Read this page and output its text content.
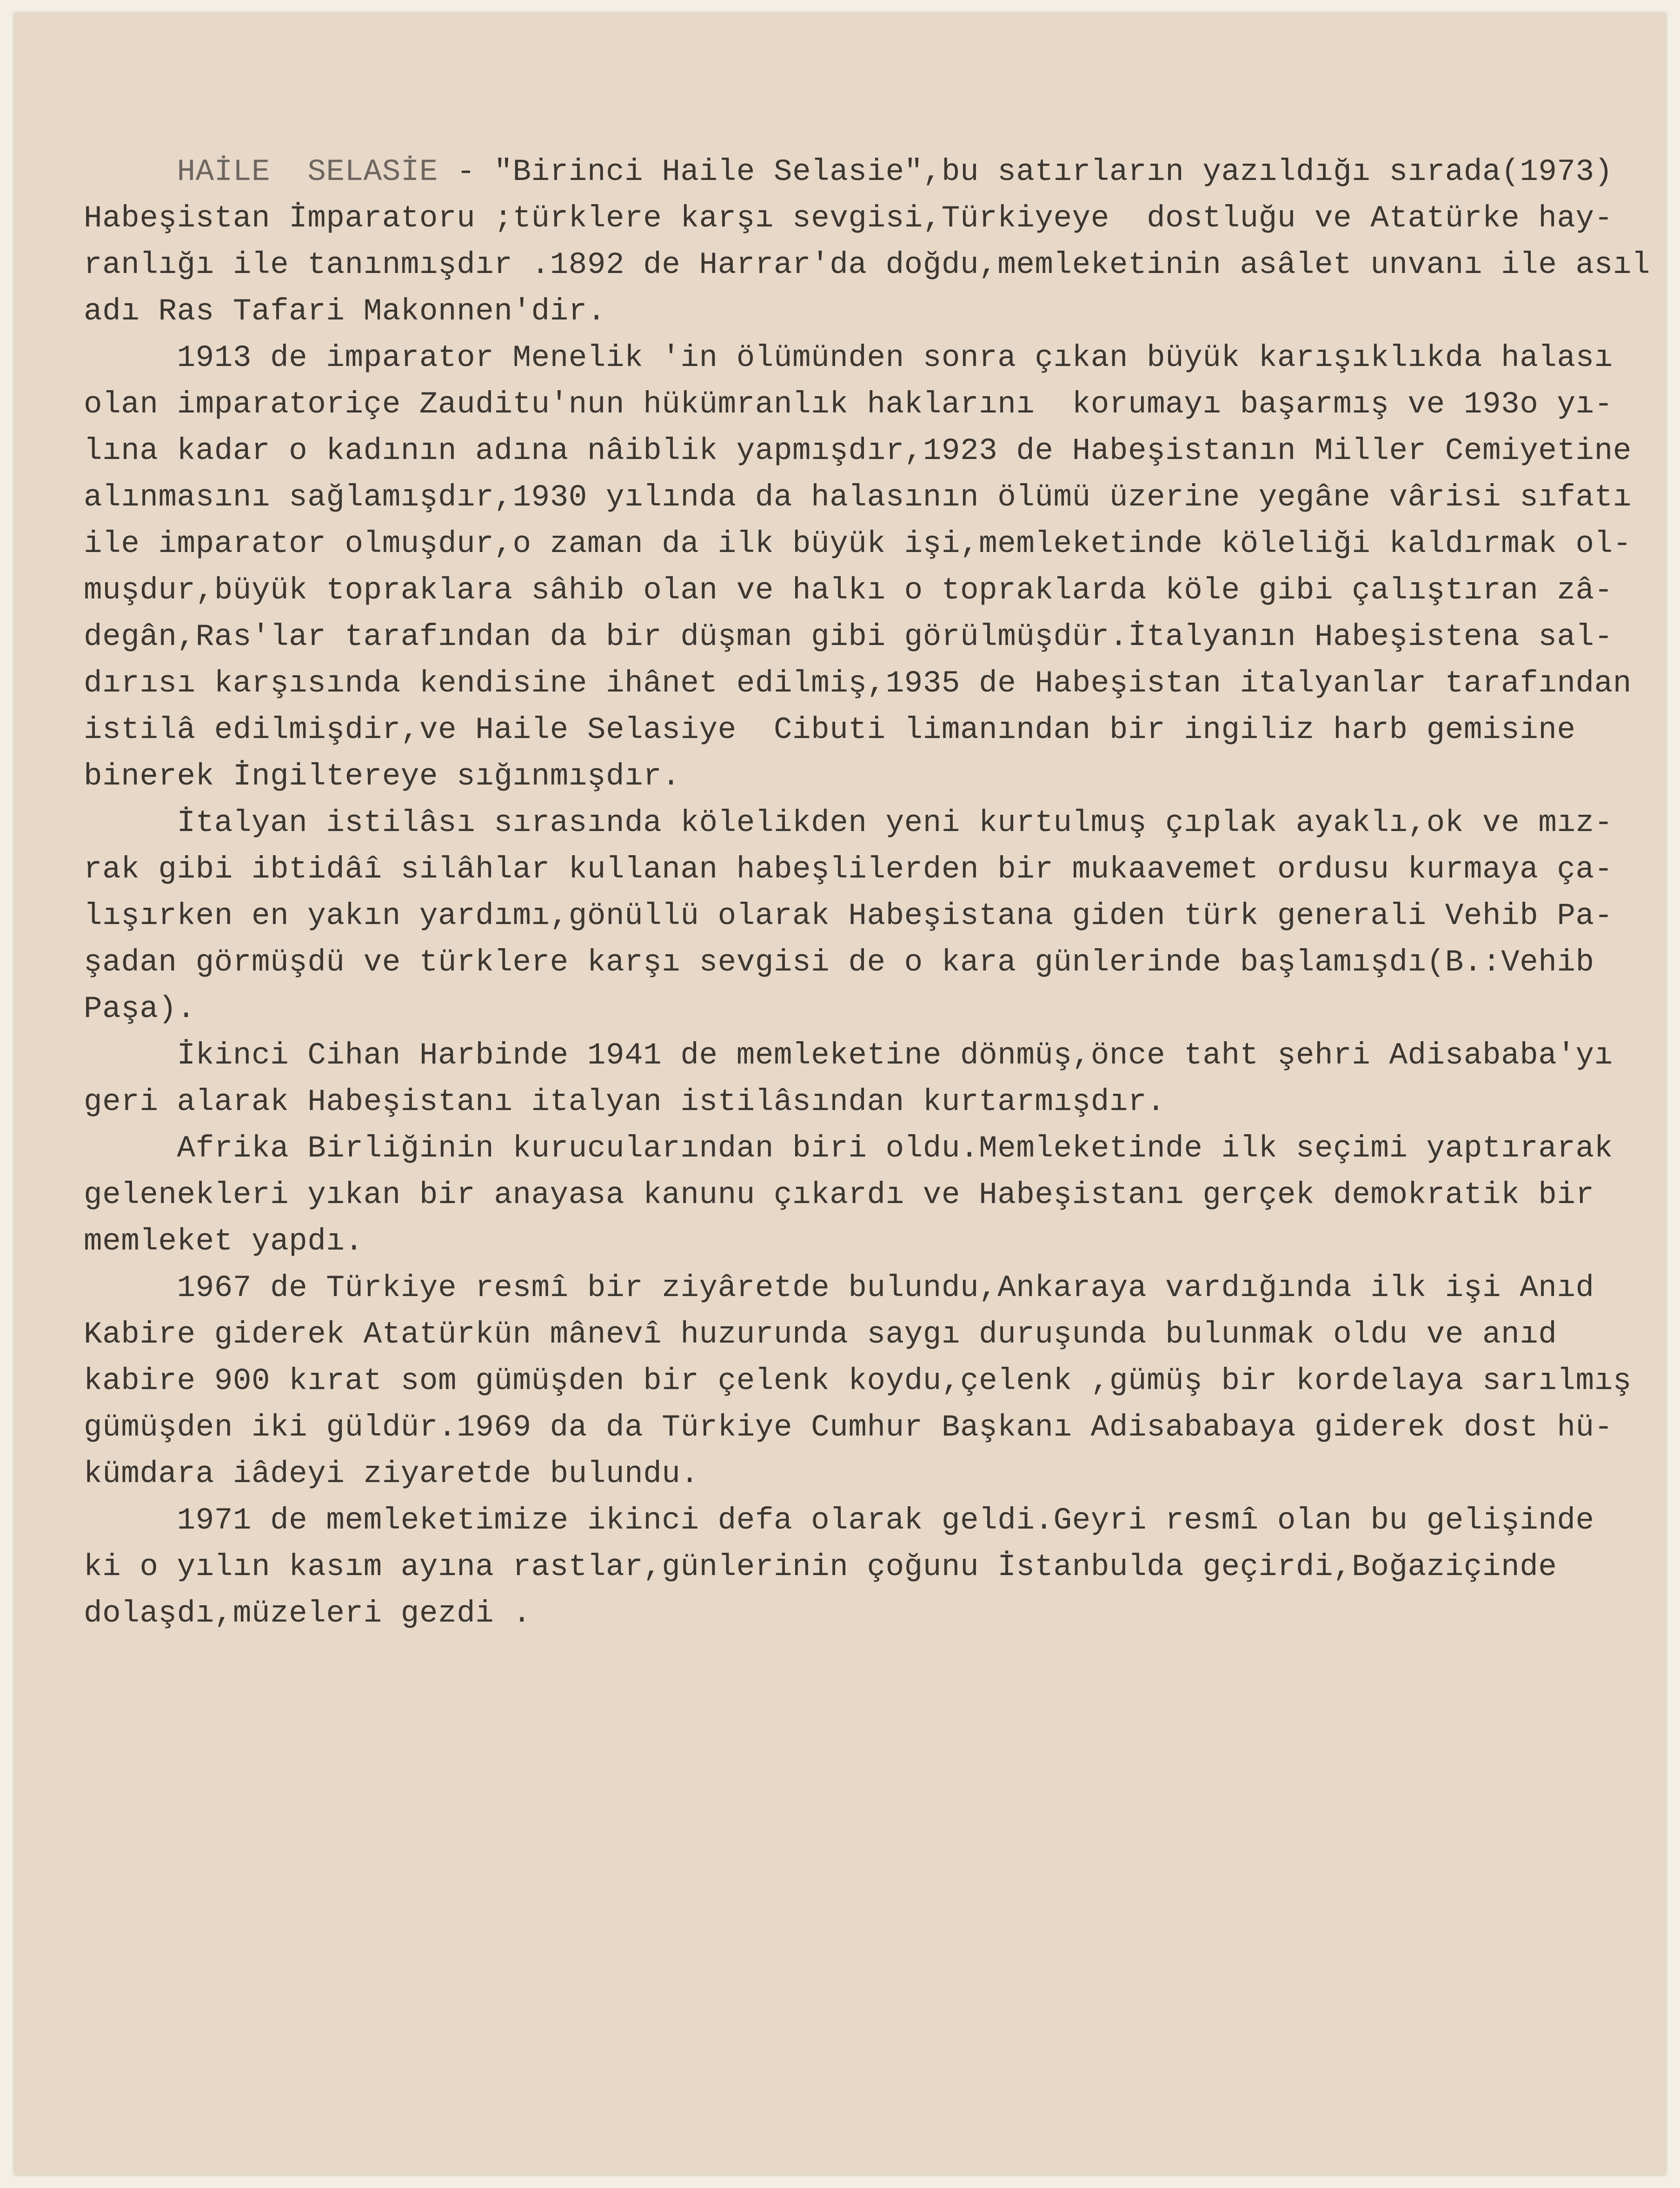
HAİLE  SELASİE - "Birinci Haile Selasie",bu satırların yazıldığı sırada(1973)
Habeşistan İmparatoru ;türklere karşı sevgisi,Türkiyeye  dostluğu ve Atatürke hay-
ranlığı ile tanınmışdır .1892 de Harrar'da doğdu,memleketinin asâlet unvanı ile asıl
adı Ras Tafari Makonnen'dir.
1913 de imparator Menelik 'in ölümünden sonra çıkan büyük karışıklıkda halası
olan imparatoriçe Zauditu'nun hükümranlık haklarını  korumayı başarmış ve 193o yı-
lına kadar o kadının adına nâiblik yapmışdır,1923 de Habeşistanın Miller Cemiyetine
alınmasını sağlamışdır,1930 yılında da halasının ölümü üzerine yegâne vârisi sıfatı
ile imparator olmuşdur,o zaman da ilk büyük işi,memleketinde köleliği kaldırmak ol-
muşdur,büyük topraklara sâhib olan ve halkı o topraklarda köle gibi çalıştıran zâ-
degân,Ras'lar tarafından da bir düşman gibi görülmüşdür.İtalyanın Habeşistena sal-
dırısı karşısında kendisine ihânet edilmiş,1935 de Habeşistan italyanlar tarafından
istilâ edilmişdir,ve Haile Selasiye  Cibuti limanından bir ingiliz harb gemisine
binerek İngiltereye sığınmışdır.
İtalyan istilâsı sırasında kölelikden yeni kurtulmuş çıplak ayaklı,ok ve mız-
rak gibi ibtidâî silâhlar kullanan habeşlilerden bir mukaavemet ordusu kurmaya ça-
lışırken en yakın yardımı,gönüllü olarak Habeşistana giden türk generali Vehib Pa-
şadan görmüşdü ve türklere karşı sevgisi de o kara günlerinde başlamışdı(B.:Vehib
Paşa).
İkinci Cihan Harbinde 1941 de memleketine dönmüş,önce taht şehri Adisababa'yı
geri alarak Habeşistanı italyan istilâsından kurtarmışdır.
Afrika Birliğinin kurucularından biri oldu.Memleketinde ilk seçimi yaptırarak
gelenekleri yıkan bir anayasa kanunu çıkardı ve Habeşistanı gerçek demokratik bir
memleket yapdı.
1967 de Türkiye resmî bir ziyâretde bulundu,Ankaraya vardığında ilk işi Anıd
Kabire giderek Atatürkün mânevî huzurunda saygı duruşunda bulunmak oldu ve anıd
kabire 900 kırat som gümüşden bir çelenk koydu,çelenk ,gümüş bir kordelaya sarılmış
gümüşden iki güldür.1969 da da Türkiye Cumhur Başkanı Adisababaya giderek dost hü-
kümdara iâdeyi ziyaretde bulundu.
1971 de memleketimize ikinci defa olarak geldi.Geyri resmî olan bu gelişinde
ki o yılın kasım ayına rastlar,günlerinin çoğunu İstanbulda geçirdi,Boğaziçinde
dolaşdı,müzeleri gezdi .
